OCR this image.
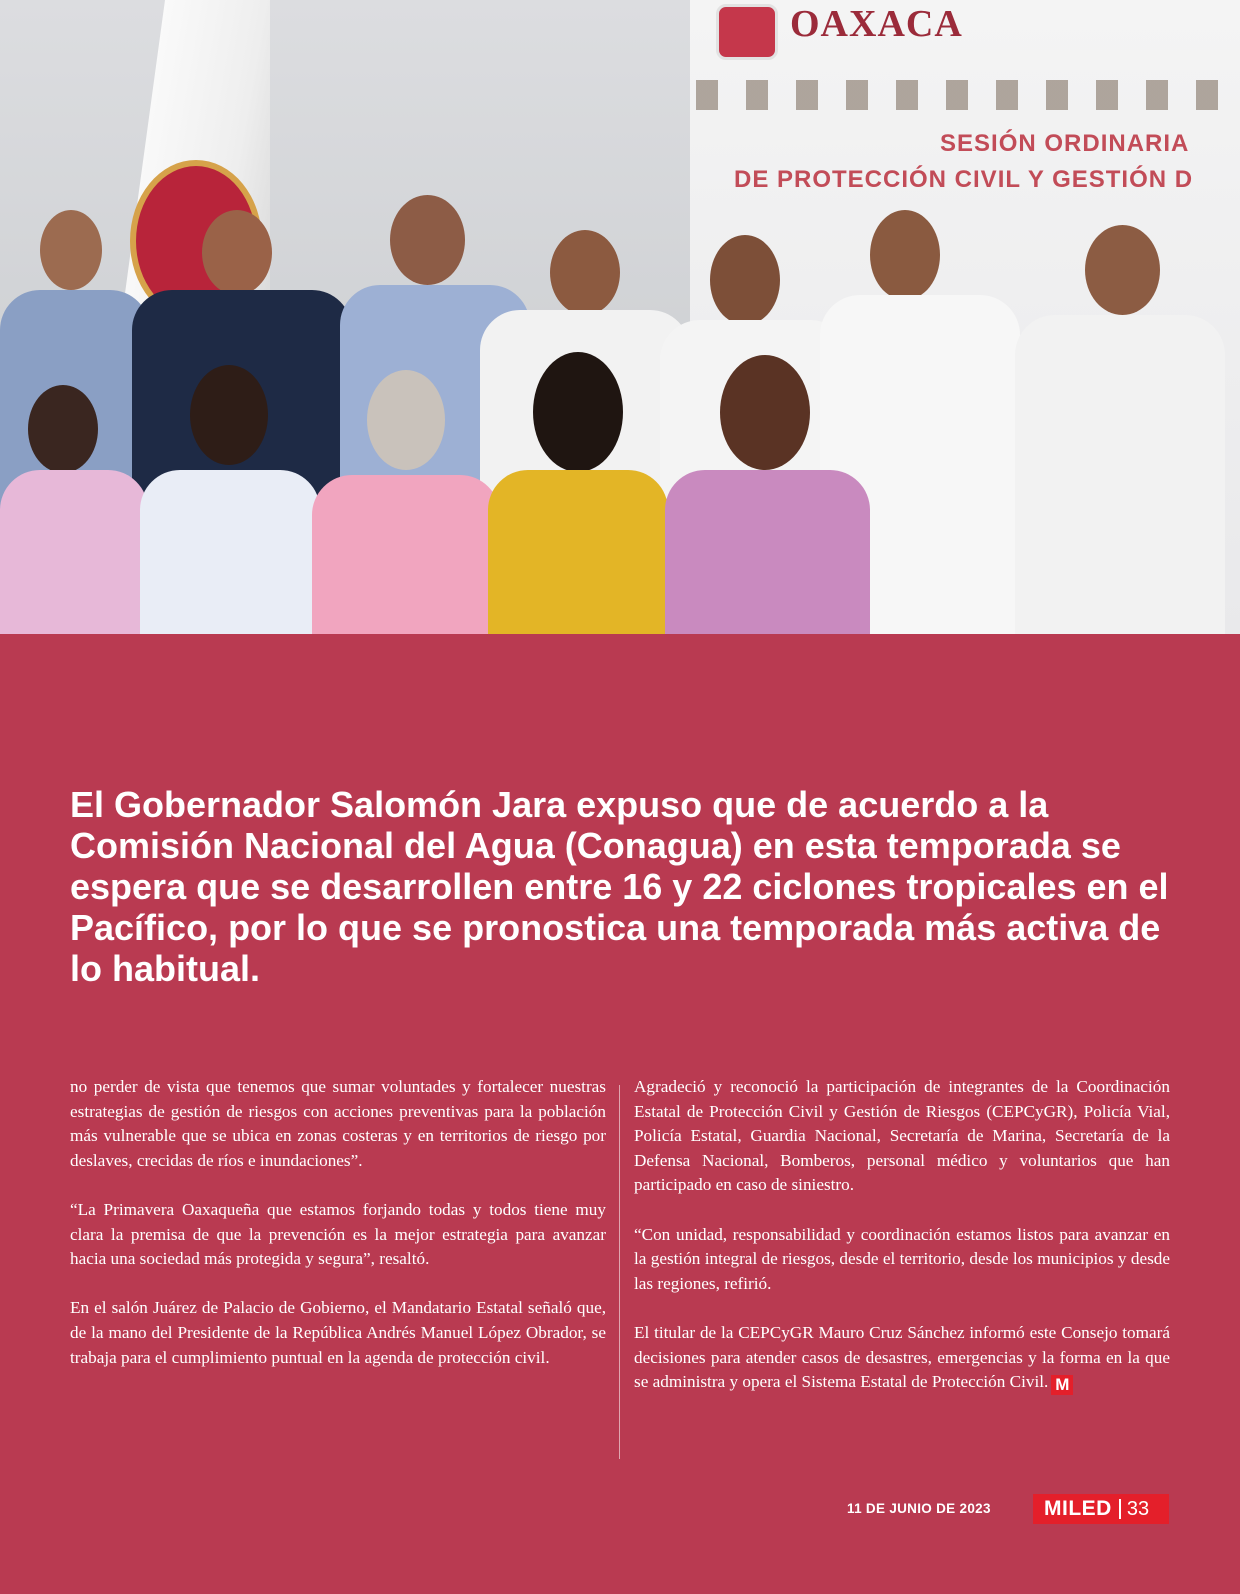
OAXACA
SESIÓN ORDINARIA
DE PROTECCIÓN CIVIL Y GESTIÓN D
El Gobernador Salomón Jara expuso que de acuerdo a la Comisión Nacional del Agua (Conagua) en esta temporada se espera que se desarrollen entre 16 y 22 ciclones tropicales en el Pacífico, por lo que se pronostica una temporada más activa de lo habitual.

no perder de vista que tenemos que sumar voluntades y fortalecer nuestras estrategias de gestión de riesgos con acciones preventivas para la población más vulnerable que se ubica en zonas costeras y en territorios de riesgo por deslaves, crecidas de ríos e inundaciones”.

“La Primavera Oaxaqueña que estamos forjando todas y todos tiene muy clara la premisa de que la prevención es la mejor estrategia para avanzar hacia una sociedad más protegida y segura”, resaltó.

En el salón Juárez de Palacio de Gobierno, el Mandatario Estatal señaló que, de la mano del Presidente de la República Andrés Manuel López Obrador, se trabaja para el cumplimiento puntual en la agenda de protección civil.

Agradeció y reconoció la participación de integrantes de la Coordinación Estatal de Protección Civil y Gestión de Riesgos (CEPCyGR), Policía Vial, Policía Estatal, Guardia Nacional, Secretaría de Marina, Secretaría de la Defensa Nacional, Bomberos, personal médico y voluntarios que han participado en caso de siniestro.

“Con unidad, responsabilidad y coordinación estamos listos para avanzar en la gestión integral de riesgos, desde el territorio, desde los municipios y desde las regiones, refirió.

El titular de la CEPCyGR Mauro Cruz Sánchez informó este Consejo tomará decisiones para atender casos de desastres, emergencias y la forma en la que se administra y opera el Sistema Estatal de Protección Civil. M

11 DE JUNIO DE 2023	MILED 33
